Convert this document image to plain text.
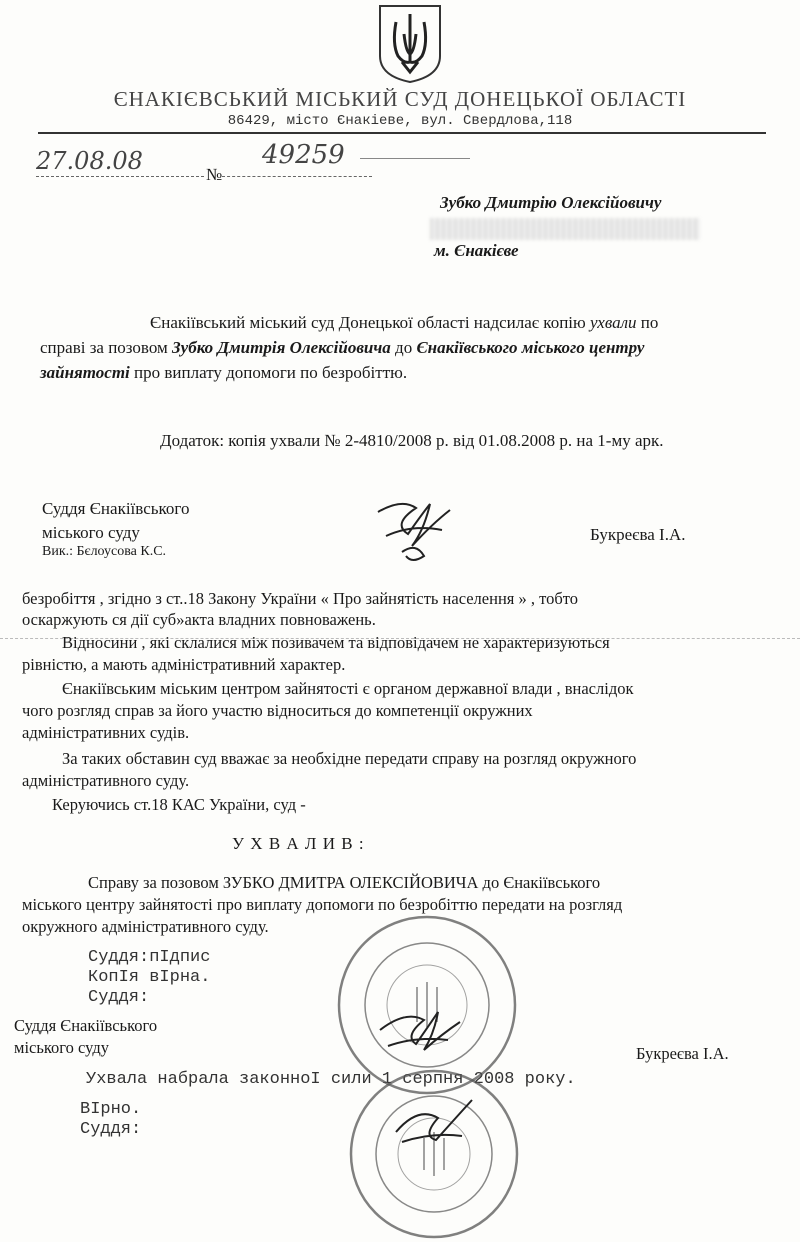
ЄНАКІЄВСЬКИЙ МІСЬКИЙ СУД ДОНЕЦЬКОЇ ОБЛАСТІ
86429, місто Єнакіеве, вул. Свердлова,118
27.08.08	№
49259
Зубко Дмитрію Олексійовичу
м. Єнакієве
Єнакіївський міський суд Донецької області надсилає копію ухвали по
справі за позовом Зубко Дмитрія Олексійовича до Єнакіївського міського центру
зайнятості про виплату допомоги по безробіттю.
Додаток: копія ухвали № 2-4810/2008 р. від 01.08.2008 р. на 1-му арк.
Суддя Єнакіївського
міського суду
Вик.: Бєлоусова К.С.
Букреєва І.А.
безробіття , згідно з ст..18 Закону України « Про зайнятість населення » , тобто
оскаржують ся дії суб»акта владних повноважень.
Відносини , які склалися між позивачем та відповідачем не характеризуються
рівністю, а мають адміністративний характер.
Єнакіївським міським центром зайнятості є органом державної влади , внаслідок
чого розгляд справ за його участю відноситься до компетенції окружних
адміністративних судів.
За таких обставин суд вважає за необхідне передати справу на розгляд окружного
адміністративного суду.
Керуючись ст.18 КАС України, суд -
У Х В А Л И В :
Справу за позовом ЗУБКО ДМИТРА ОЛЕКСІЙОВИЧА до Єнакіївського
міського центру зайнятості про виплату допомоги по безробіттю передати на розгляд
окружного адміністративного суду.
Суддя:пІдпис
КопІя вІрна.
Суддя:
Суддя Єнакіївського
міського суду	Букреєва І.А.
Ухвала набрала законноІ сили 1 серпня 2008 року.
ВІрно.
Суддя:
